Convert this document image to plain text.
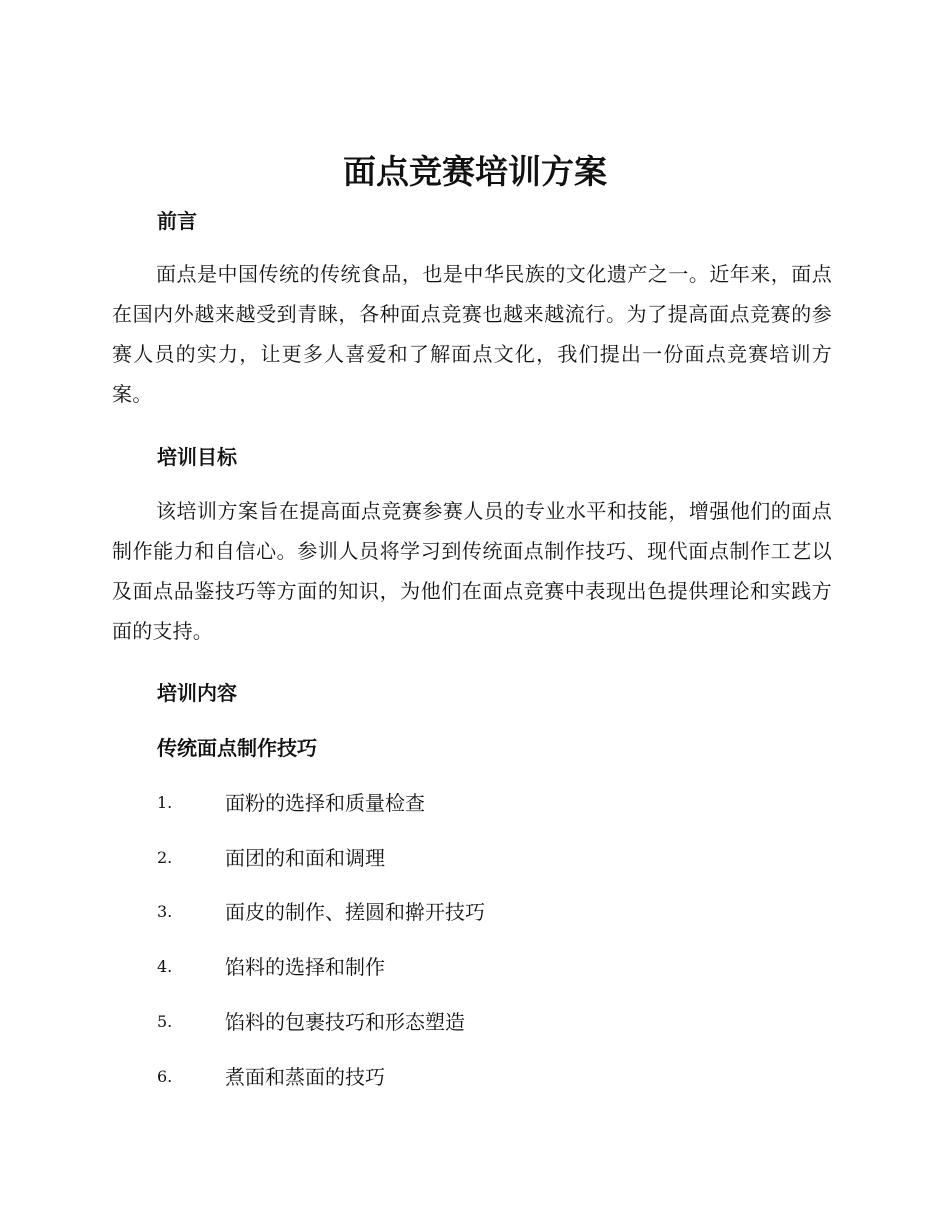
面点竞赛培训方案
前言

面点是中国传统的传统食品，也是中华民族的文化遗产之一。近年来，面点在国内外越来越受到青睐，各种面点竞赛也越来越流行。为了提高面点竞赛的参赛人员的实力，让更多人喜爱和了解面点文化，我们提出一份面点竞赛培训方案。

培训目标

该培训方案旨在提高面点竞赛参赛人员的专业水平和技能，增强他们的面点制作能力和自信心。参训人员将学习到传统面点制作技巧、现代面点制作工艺以及面点品鉴技巧等方面的知识，为他们在面点竞赛中表现出色提供理论和实践方面的支持。

培训内容
传统面点制作技巧
1.	面粉的选择和质量检查
2.	面团的和面和调理
3.	面皮的制作、搓圆和擀开技巧
4.	馅料的选择和制作
5.	馅料的包裹技巧和形态塑造
6.	煮面和蒸面的技巧
